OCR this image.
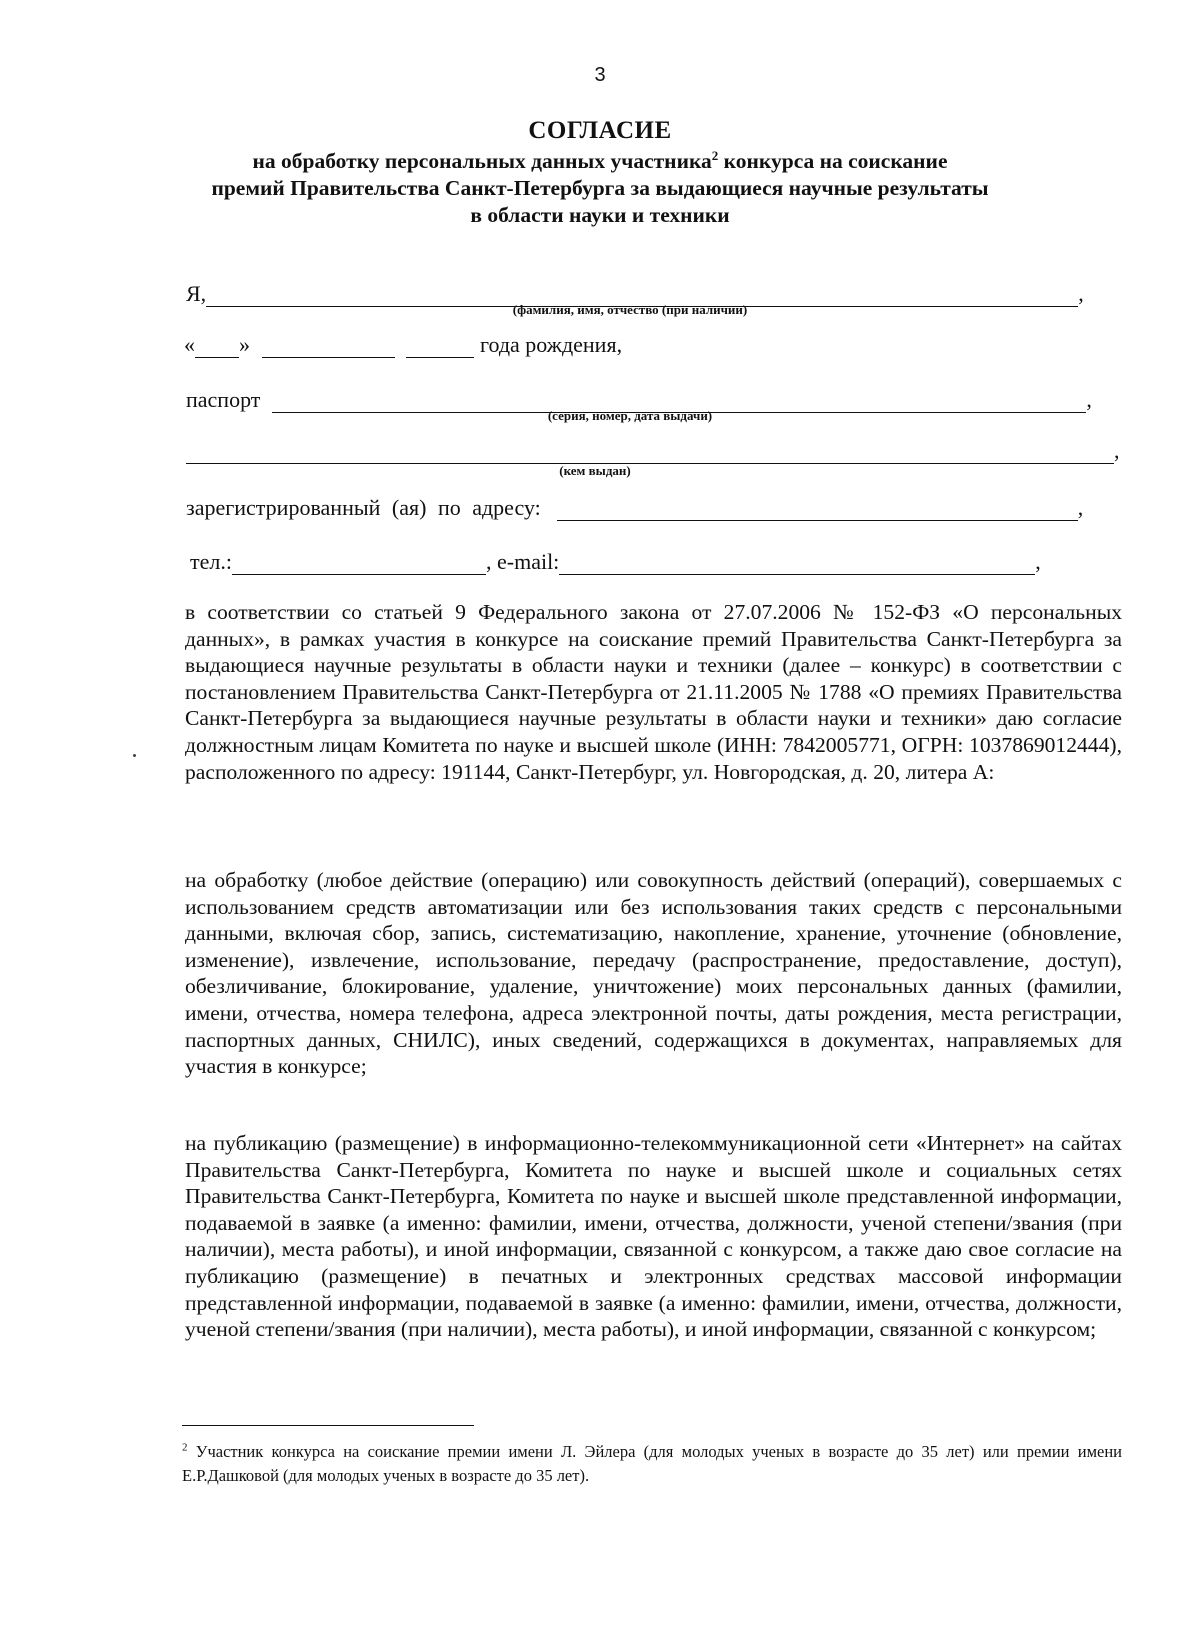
3
СОГЛАСИЕ
на обработку персональных данных участника$^2$ конкурса на соискание
премий Правительства Санкт-Петербурга за выдающиеся научные результаты
в области науки и техники
Я,	,
(фамилия, имя, отчество (при наличии)
« »	года рождения,
паспорт	,
(серия, номер, дата выдачи)
,
(кем выдан)
зарегистрированный (ая) по адресу:	,
тел.:	, e-mail:	,
в соответствии со статьей 9 Федерального закона от 27.07.2006 № 152-ФЗ «О персональных данных», в рамках участия в конкурсе на соискание премий Правительства Санкт-Петербурга за выдающиеся научные результаты в области науки и техники (далее – конкурс) в соответствии с постановлением Правительства Санкт-Петербурга от 21.11.2005 № 1788 «О премиях Правительства Санкт-Петербурга за выдающиеся научные результаты в области науки и техники» даю согласие должностным лицам Комитета по науке и высшей школе (ИНН: 7842005771, ОГРН: 1037869012444), расположенного по адресу: 191144, Санкт-Петербург, ул. Новгородская, д. 20, литера А:
на обработку (любое действие (операцию) или совокупность действий (операций), совершаемых с использованием средств автоматизации или без использования таких средств с персональными данными, включая сбор, запись, систематизацию, накопление, хранение, уточнение (обновление, изменение), извлечение, использование, передачу (распространение, предоставление, доступ), обезличивание, блокирование, удаление, уничтожение) моих персональных данных (фамилии, имени, отчества, номера телефона, адреса электронной почты, даты рождения, места регистрации, паспортных данных, СНИЛС), иных сведений, содержащихся в документах, направляемых для участия в конкурсе;
на публикацию (размещение) в информационно-телекоммуникационной сети «Интернет» на сайтах Правительства Санкт-Петербурга, Комитета по науке и высшей школе и социальных сетях Правительства Санкт-Петербурга, Комитета по науке и высшей школе представленной информации, подаваемой в заявке (а именно: фамилии, имени, отчества, должности, ученой степени/звания (при наличии), места работы), и иной информации, связанной с конкурсом, а также даю свое согласие на публикацию (размещение) в печатных и электронных средствах массовой информации представленной информации, подаваемой в заявке (а именно: фамилии, имени, отчества, должности, ученой степени/звания (при наличии), места работы), и иной информации, связанной с конкурсом;
$^2$ Участник конкурса на соискание премии имени Л. Эйлера (для молодых ученых в возрасте до 35 лет) или премии имени Е.Р.Дашковой (для молодых ученых в возрасте до 35 лет).
